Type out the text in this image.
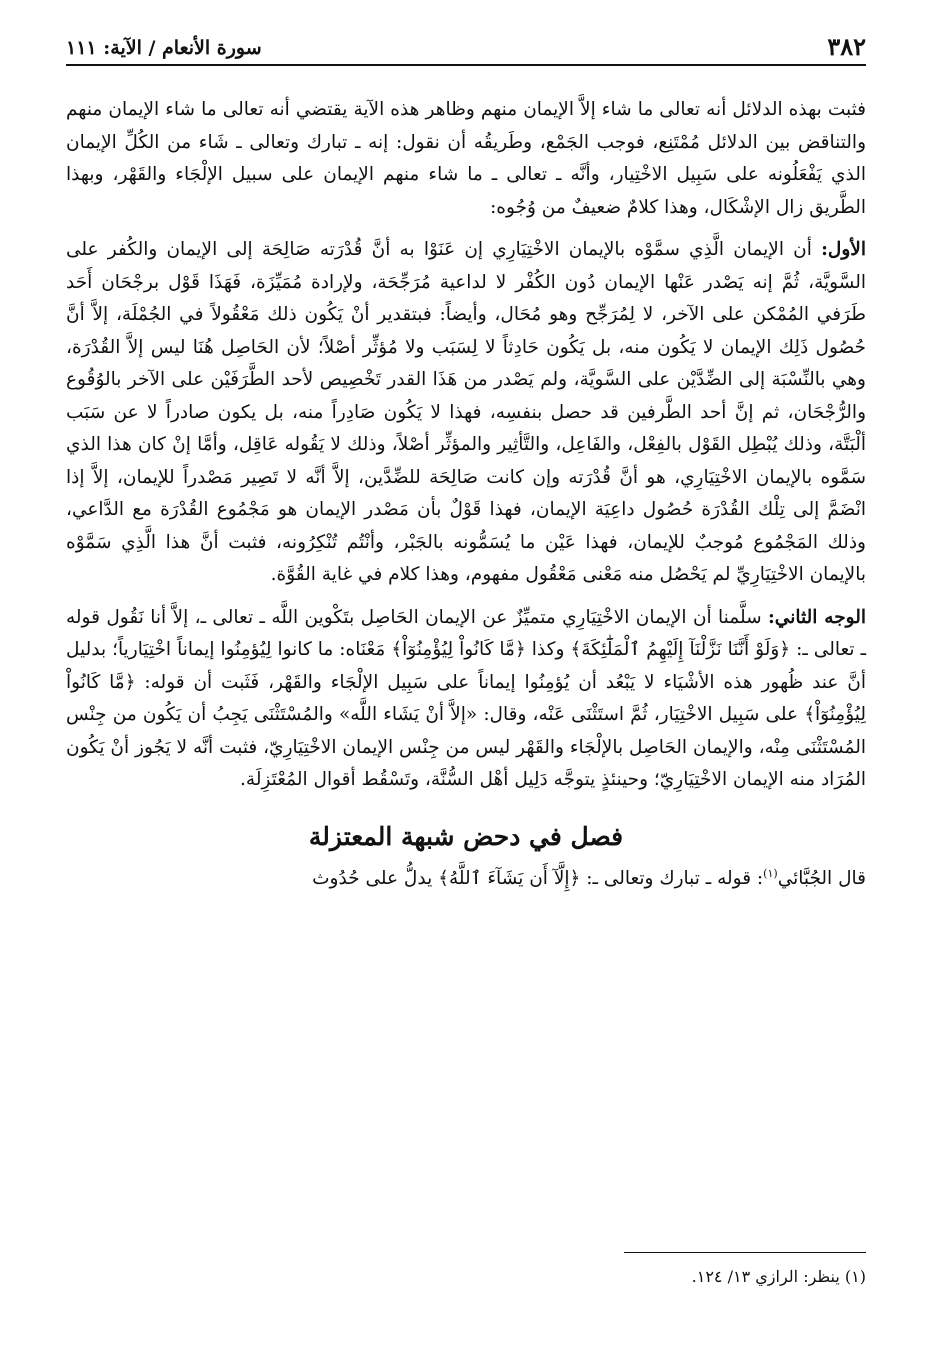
٣٨٢
سورة الأنعام / الآية: ١١١

فثبت بهذه الدلائل أنه تعالى ما شاء إلاَّ الإيمان منهم وظاهر هذه الآية يقتضي أنه تعالى ما شاء الإيمان منهم والتناقض بين الدلائل مُمْتَنِع، فوجب الجَمْع، وطَريقُه أن نقول: إنه ـ تبارك وتعالى ـ شَاء من الكُلِّ الإيمان الذي يَفْعَلُونه على سَبِيل الاخْتِيار، وأنَّه ـ تعالى ـ ما شاء منهم الإيمان على سبيل الإلْجَاء والقَهْر، وبهذا الطَّريق زال الإشْكَال، وهذا كلامٌ ضعيفٌ من وُجُوه:

الأول: أن الإيمان الَّذِي سمَّوْه بالإيمان الاخْتِيَارِي إن عَنَوْا به أنَّ قُدْرَته صَالِحَة إلى الإيمان والكُفر على السَّويَّة، ثُمَّ إنه يَصْدر عَنْها الإيمان دُون الكُفْر لا لداعية مُرَجِّحَة، ولإرادة مُمَيِّزَة، فَهَذَا قَوْل برجْحَان أَحَد طَرَفي المُمْكن على الآخر، لا لِمُرَجِّح وهو مُحَال، وأيضاً: فبتقدير أنْ يَكُون ذلك مَعْقُولاً في الجُمْلَة، إلاَّ أنَّ حُصُول ذَلِك الإيمان لا يَكُون منه، بل يَكُون حَادِثاً لا لِسَبَب ولا مُؤثِّر أصْلاً؛ لأن الحَاصِل هُنَا ليس إلاَّ القُدْرَة، وهي بالنِّسْبَة إلى الضِّدَّيْن على السَّويَّة، ولم يَصْدر من هَذَا القدر تَخْصِيص لأحد الطَّرَفَيْن على الآخر بالوُقُوع والرُّجْحَان، ثم إنَّ أحد الطَّرفين قد حصل بنفسِه، فهذا لا يَكُون صَادِراً منه، بل يكون صادراً لا عن سَبَب ألْبَتَّة، وذلك يُبْطِل القَوْل بالفِعْل، والفَاعِل، والتَّأثِير والمؤثِّر أصْلاً، وذلك لا يَقُوله عَاقِل، وأمَّا إنْ كان هذا الذي سَمَّوه بالإيمان الاخْتِيَارِي، هو أنَّ قُدْرَته وإن كانت صَالِحَة للضِّدَّين، إلاَّ أنَّه لا تَصِير مَصْدراً للإيمان، إلاَّ إذا انْضَمَّ إلى تِلْك القُدْرَة حُصُول داعِيَة الإيمان، فهذا قَوْلٌ بأن مَصْدر الإيمان هو مَجْمُوع القُدْرَة مع الدَّاعي، وذلك المَجْمُوع مُوجبٌ للإيمان، فهذا عَيْن ما يُسَمُّونه بالجَبْر، وأنْتُم تُنْكِرُونه، فثبت أنَّ هذا الَّذِي سَمَّوْه بالإيمان الاخْتِيَارِيِّ لم يَحْصُل منه مَعْنى مَعْقُول مفهوم، وهذا كلام في غاية القُوَّة.

الوجه الثاني: سلَّمنا أن الإيمان الاخْتِيَارِي متميِّزٌ عن الإيمان الحَاصِل بتَكْوين اللَّه ـ تعالى ـ، إلاَّ أنا نَقُول قوله ـ تعالى ـ: ﴿وَلَوْ أَنَّنَا نَزَّلْنَآ إِلَيْهِمُ ٱلْمَلَٰٓئِكَةَ﴾ وكذا ﴿مَّا كَانُواْ لِيُؤْمِنُوٓاْ﴾ مَعْنَاه: ما كانوا لِيُؤمِنُوا إيماناً اخْتِيَارياً؛ بدليل أنَّ عند ظُهور هذه الأشْيَاء لا يَبْعُد أن يُؤمِنُوا إيماناً على سَبِيل الإلْجَاء والقَهْر، فَثَبت أن قوله: ﴿مَّا كَانُواْ لِيُؤْمِنُوٓاْ﴾ على سَبِيل الاخْتِيَار، ثُمَّ استَثْنَى عَنْه، وقال: «إلاَّ أنْ يَشَاء اللَّه» والمُسْتَثْنَى يَجِبُ أن يَكُون من جِنْس المُسْتَثْنَى مِنْه، والإيمان الحَاصِل بالإلْجَاء والقَهْر ليس من جِنْس الإيمان الاخْتِيَارِيّ، فثبت أنَّه لا يَجُوز أنْ يَكُون المُرَاد منه الإيمان الاخْتِيَارِيّ؛ وحينئذٍ يتوجَّه دَلِيل أهْل السُّنَّة، وتَسْقُط أقوال المُعْتَزِلَة.

فصل في دحض شبهة المعتزلة

قال الجُبَّائي$^{(١)}$: قوله ـ تبارك وتعالى ـ: ﴿إِلَّآ أَن يَشَآءَ ٱللَّهُ﴾ يدلُّ على حُدُوث

(١) ينظر: الرازي ١٣/ ١٢٤.
